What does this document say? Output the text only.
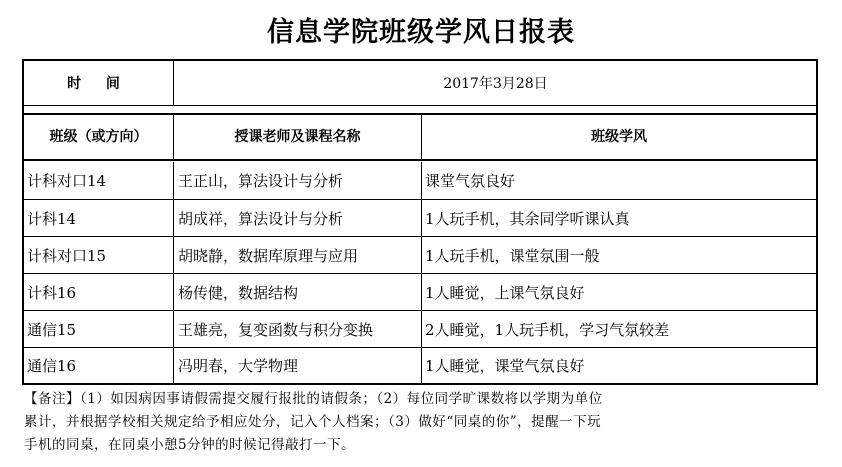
信息学院班级学风日报表
时 间	2017年3月28日
班级（或方向）	授课老师及课程名称	班级学风
计科对口14	王正山，算法设计与分析	课堂气氛良好
计科14	胡成祥，算法设计与分析	1人玩手机，其余同学听课认真
计科对口15	胡晓静，数据库原理与应用	1人玩手机，课堂氛围一般
计科16	杨传健，数据结构	1人睡觉，上课气氛良好
通信15	王雄亮，复变函数与积分变换	2人睡觉，1人玩手机，学习气氛较差
通信16	冯明春，大学物理	1人睡觉，课堂气氛良好
【备注】（1）如因病因事请假需提交履行报批的请假条；（2）每位同学旷课数将以学期为单位
累计，并根据学校相关规定给予相应处分，记入个人档案；（3）做好“同桌的你”，提醒一下玩
手机的同桌，在同桌小憩5分钟的时候记得敲打一下。
